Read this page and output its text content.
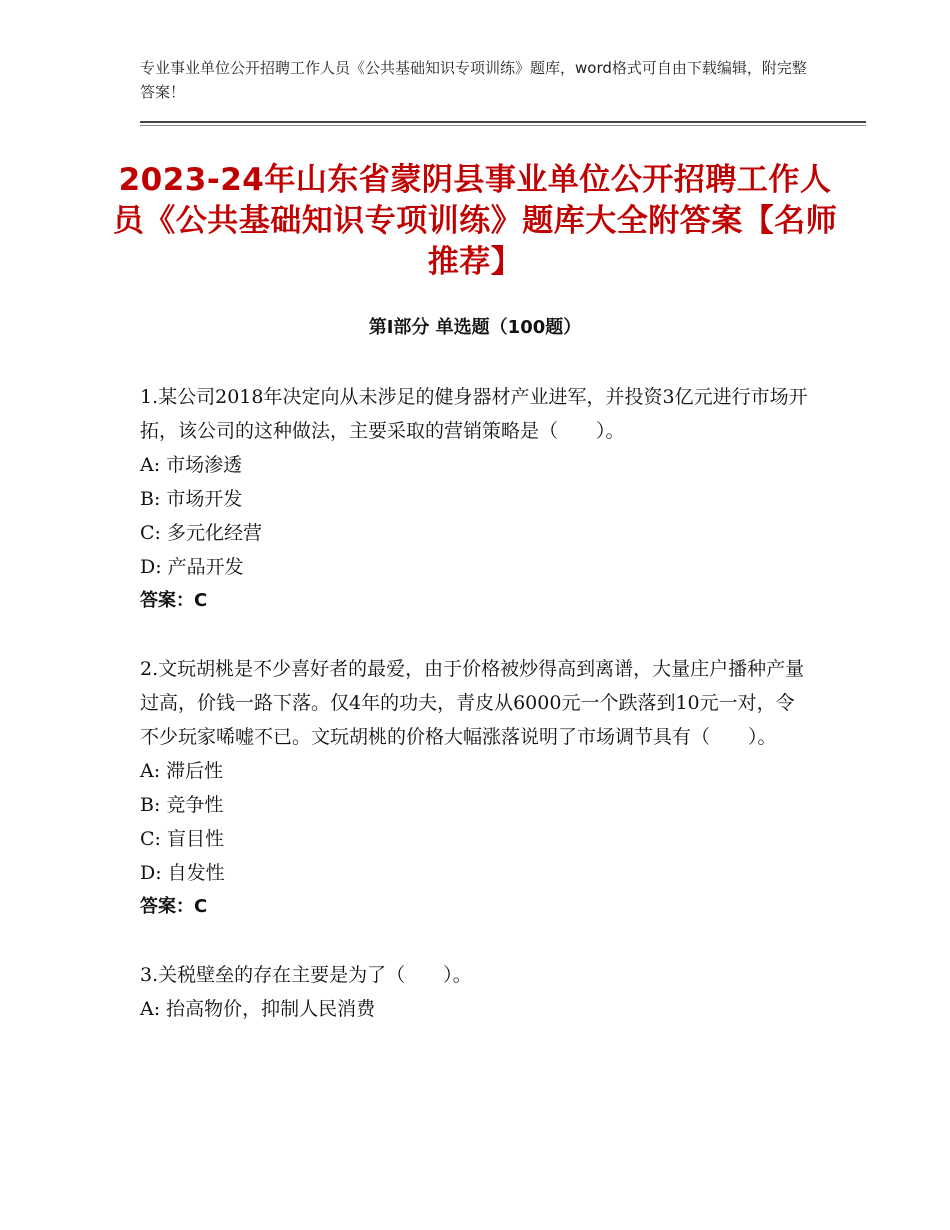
专业事业单位公开招聘工作人员《公共基础知识专项训练》题库，word格式可自由下载编辑，附完整答案！
2023-24年山东省蒙阴县事业单位公开招聘工作人员《公共基础知识专项训练》题库大全附答案【名师推荐】
第Ⅰ部分 单选题（100题）

1.某公司2018年决定向从未涉足的健身器材产业进军，并投资3亿元进行市场开拓，该公司的这种做法，主要采取的营销策略是（　　）。

A: 市场渗透

B: 市场开发

C: 多元化经营

D: 产品开发

答案：C

2.文玩胡桃是不少喜好者的最爱，由于价格被炒得高到离谱，大量庄户播种产量过高，价钱一路下落。仅4年的功夫，青皮从6000元一个跌落到10元一对，令不少玩家唏嘘不已。文玩胡桃的价格大幅涨落说明了市场调节具有（　　）。

A: 滞后性

B: 竞争性

C: 盲目性

D: 自发性

答案：C

3.关税壁垒的存在主要是为了（　　）。

A: 抬高物价，抑制人民消费
